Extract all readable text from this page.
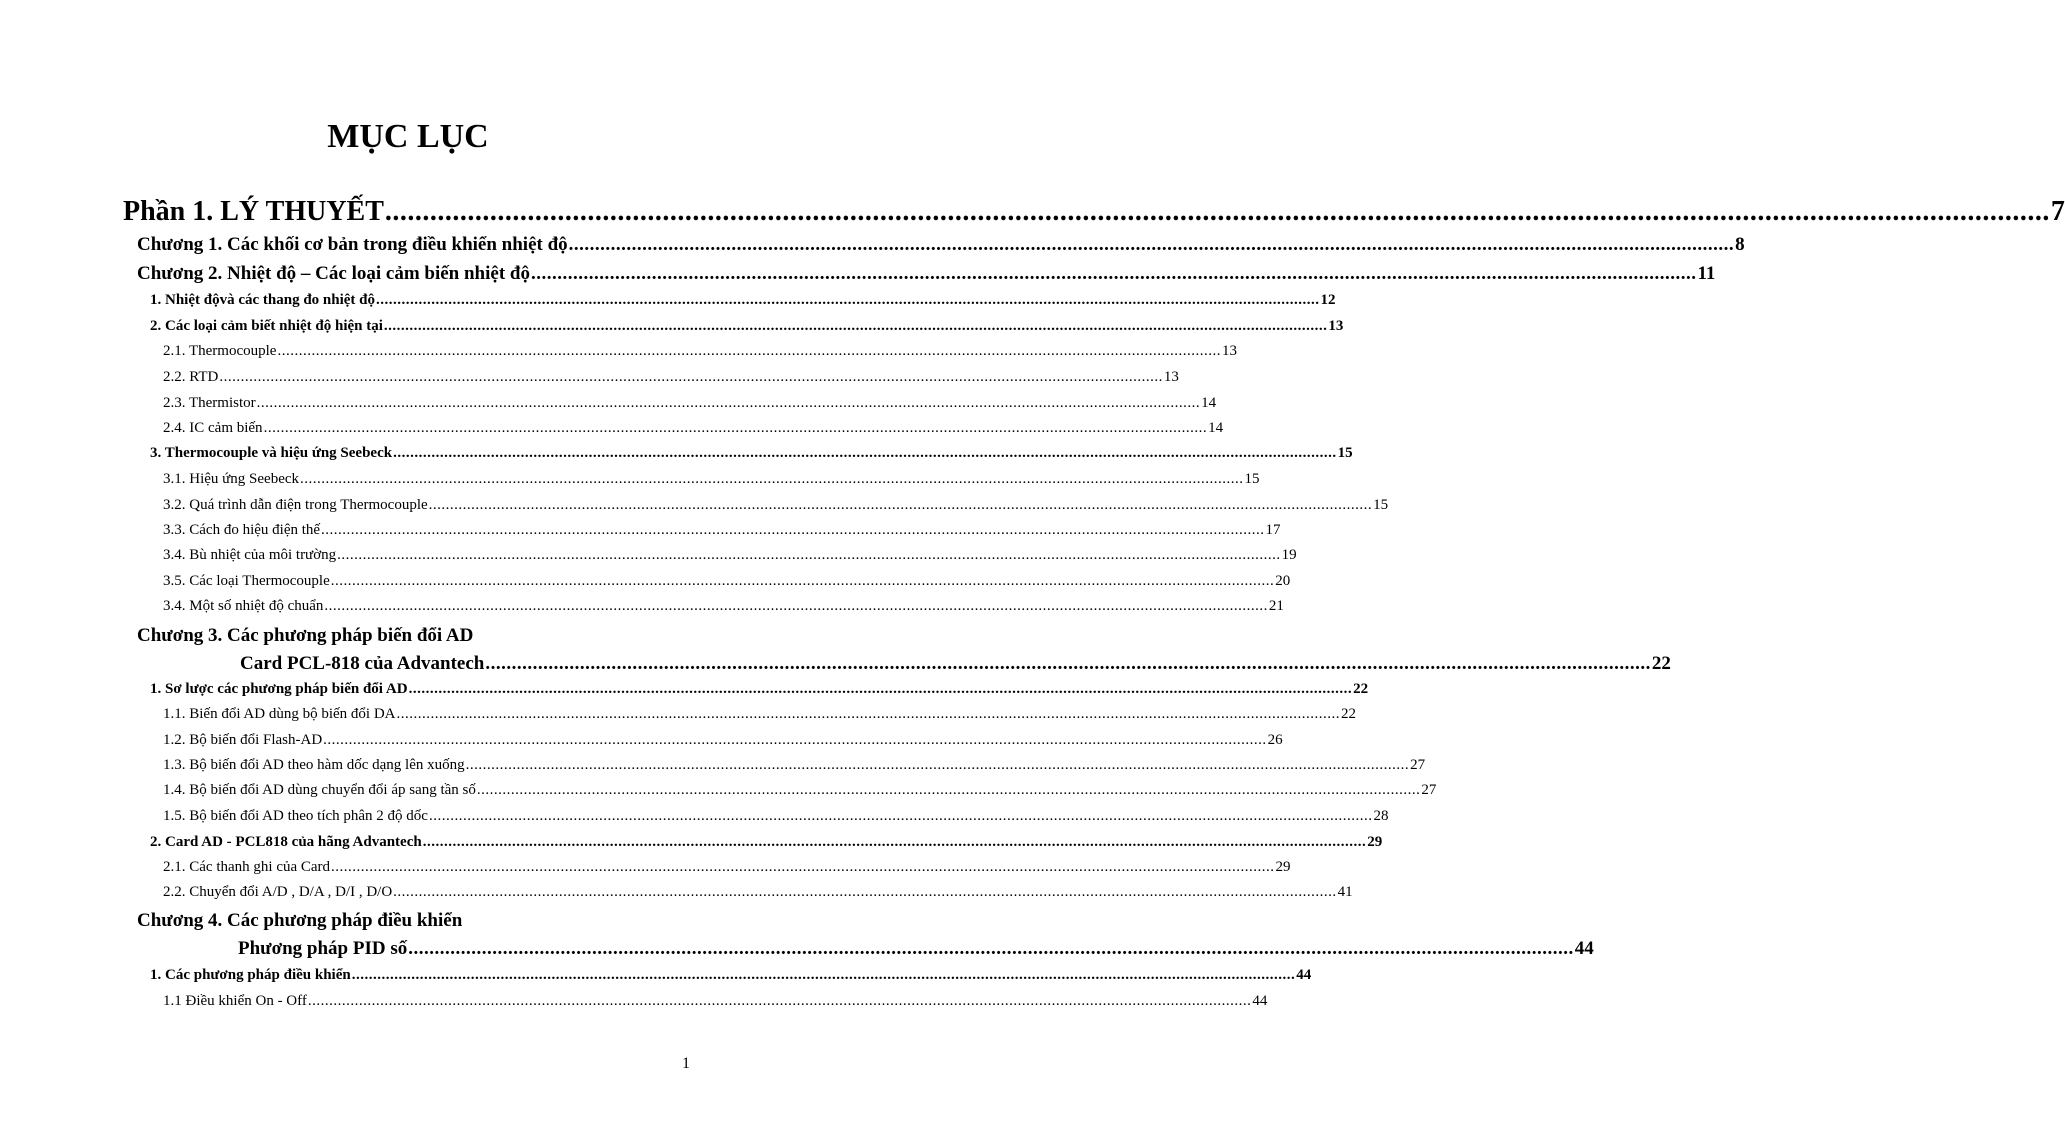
MỤC LỤC
Phần 1. LÝ THUYẾT .............................................................................................................................................................................................................................. 7
Chương 1. Các khối cơ bản trong điều khiển nhiệt độ .............................................................................................................................................................................................................................. 8
Chương 2. Nhiệt độ – Các loại cảm biến nhiệt độ .............................................................................................................................................................................................................................. 11
1. Nhiệt độvà các thang đo nhiệt độ .............................................................................................................................................................................................................................. 12
2. Các loại cảm biết nhiệt độ hiện tại .............................................................................................................................................................................................................................. 13
2.1. Thermocouple .............................................................................................................................................................................................................................. 13
2.2. RTD .............................................................................................................................................................................................................................. 13
2.3. Thermistor .............................................................................................................................................................................................................................. 14
2.4. IC cảm biến .............................................................................................................................................................................................................................. 14
3. Thermocouple và hiệu ứng Seebeck .............................................................................................................................................................................................................................. 15
3.1. Hiệu ứng Seebeck .............................................................................................................................................................................................................................. 15
3.2. Quá trình dẫn điện trong Thermocouple .............................................................................................................................................................................................................................. 15
3.3. Cách đo hiệu điện thế .............................................................................................................................................................................................................................. 17
3.4. Bù nhiệt của môi trường .............................................................................................................................................................................................................................. 19
3.5. Các loại Thermocouple .............................................................................................................................................................................................................................. 20
3.4. Một số nhiệt độ chuẩn .............................................................................................................................................................................................................................. 21
Chương 3. Các phương pháp biến đổi AD
Card PCL-818 của Advantech .............................................................................................................................................................................................................................. 22
1. Sơ lược các phương pháp biến đổi AD .............................................................................................................................................................................................................................. 22
1.1. Biến đổi AD dùng bộ biến đổi DA .............................................................................................................................................................................................................................. 22
1.2. Bộ biến đổi Flash-AD .............................................................................................................................................................................................................................. 26
1.3. Bộ biến đổi AD theo hàm dốc dạng lên xuống .............................................................................................................................................................................................................................. 27
1.4. Bộ biến đổi AD dùng chuyển đổi áp sang tần số .............................................................................................................................................................................................................................. 27
1.5. Bộ biến đổi AD theo tích phân 2 độ dốc .............................................................................................................................................................................................................................. 28
2. Card AD - PCL818 của hãng Advantech .............................................................................................................................................................................................................................. 29
2.1. Các thanh ghi của Card .............................................................................................................................................................................................................................. 29
2.2. Chuyển đổi A/D , D/A , D/I , D/O .............................................................................................................................................................................................................................. 41
Chương 4. Các phương pháp điều khiển
Phương pháp PID số .............................................................................................................................................................................................................................. 44
1. Các phương pháp điều khiển .............................................................................................................................................................................................................................. 44
1.1 Điều khiển On - Off .............................................................................................................................................................................................................................. 44
1
